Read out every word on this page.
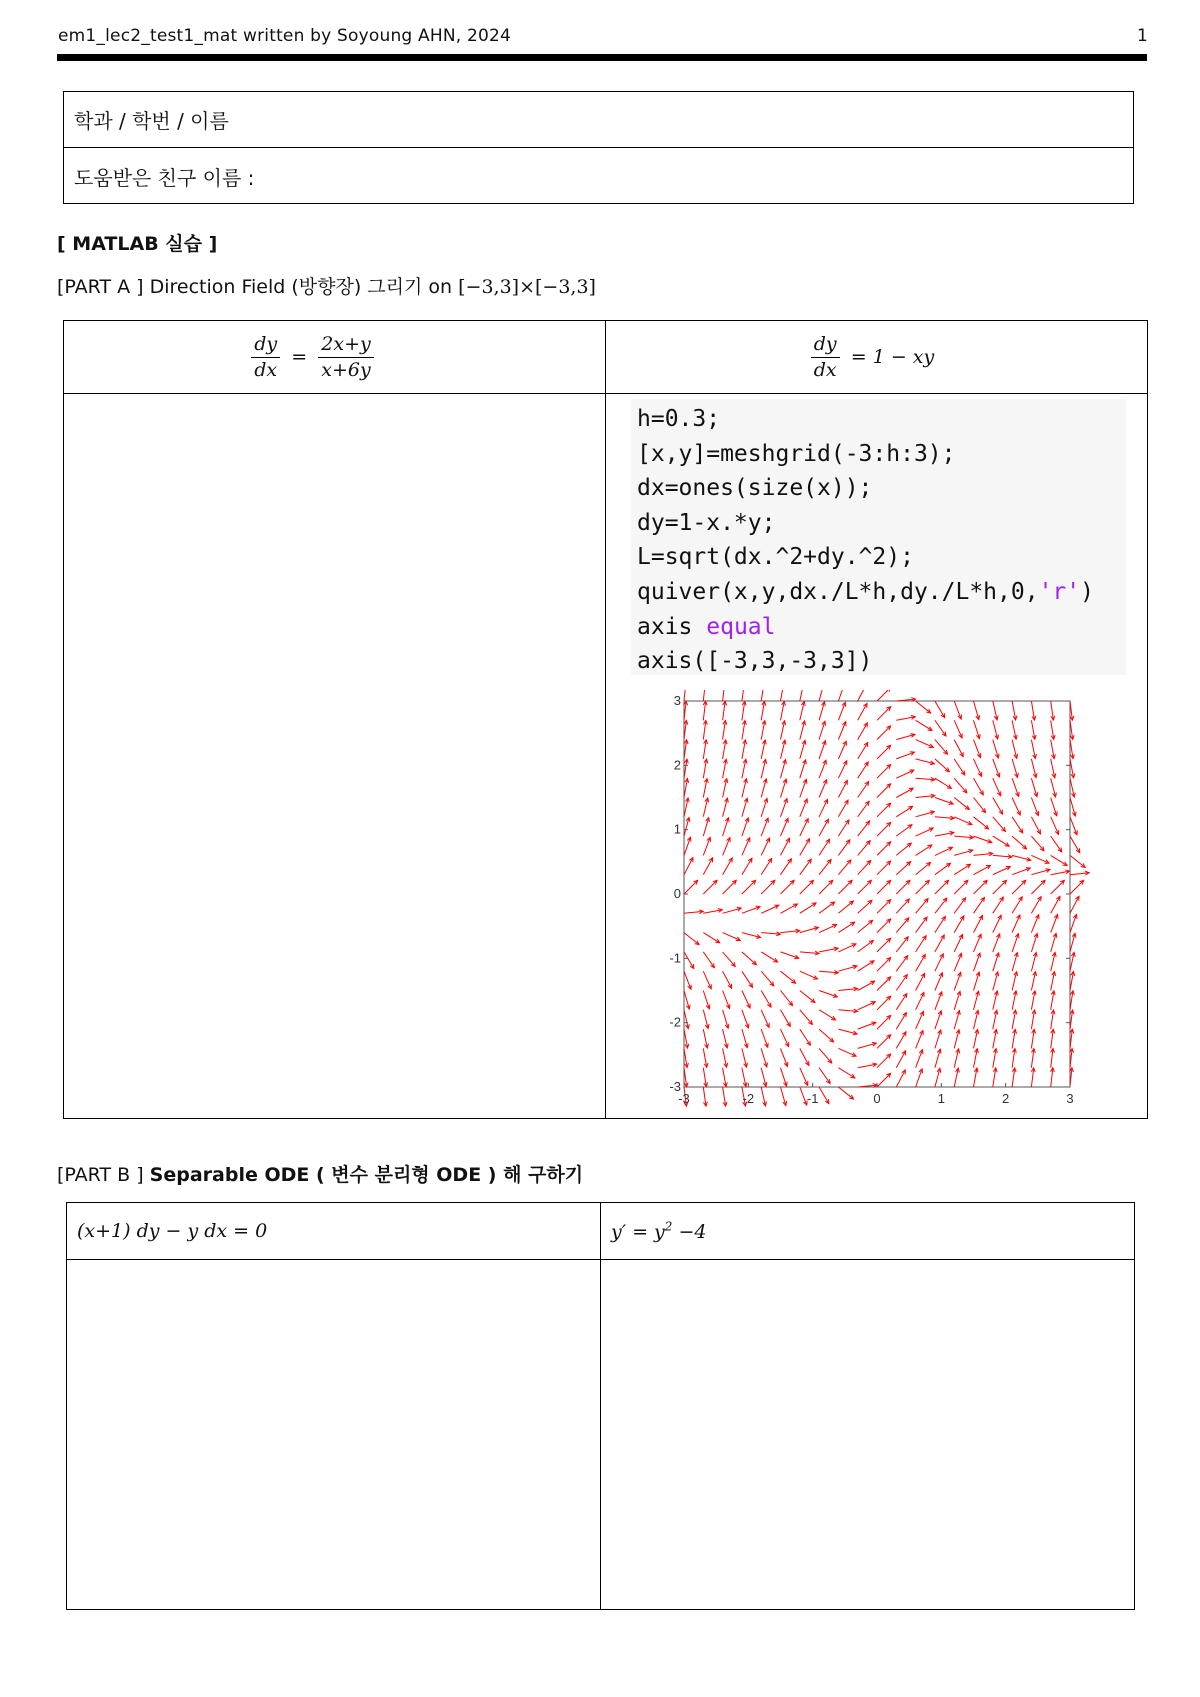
em1_lec2_test1_mat written by Soyoung AHN, 2024	1
학과 / 학번 / 이름
도움받은 친구 이름 :
[ MATLAB 실습 ]
[PART A ] Direction Field (방향장) 그리기 on [−3,3]×[−3,3]
$\frac{dy}{dx} = \frac{2x+y}{x+6y}$	$\frac{dy}{dx} = 1$ − xy

h=0.3;
[x,y]=meshgrid(-3:h:3);
dx=ones(size(x));
dy=1-x.*y;
L=sqrt(dx.^2+dy.^2);
quiver(x,y,dx./L*h,dy./L*h,0,'r')
axis equal
axis([-3,3,-3,3])
-3	-2	-1	0	1	2	3
3
2
1
0
-1
-2
-3
[PART B ] Separable ODE ( 변수 분리형 ODE ) 해 구하기
(x+1) dy − y dx = 0	$y' = y^2 -4$
